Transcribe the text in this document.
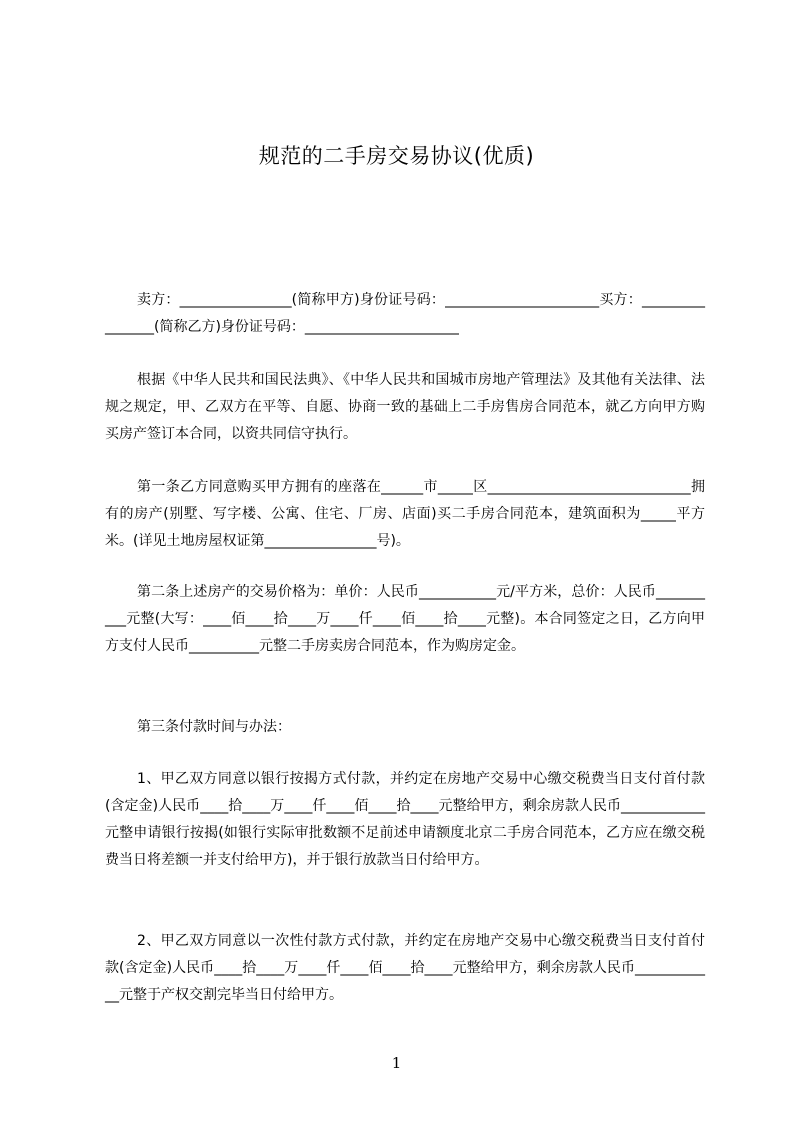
规范的二手房交易协议(优质)
卖方：________________(简称甲方)身份证号码：______________________买方：________________(简称乙方)身份证号码：______________________
根据《中华人民共和国民法典》、《中华人民共和国城市房地产管理法》及其他有关法律、法规之规定，甲、乙双方在平等、自愿、协商一致的基础上二手房售房合同范本，就乙方向甲方购买房产签订本合同，以资共同信守执行。
第一条乙方同意购买甲方拥有的座落在______市_____区_____________________________拥有的房产(别墅、写字楼、公寓、住宅、厂房、店面)买二手房合同范本，建筑面积为_____平方米。(详见土地房屋权证第________________号)。
第二条上述房产的交易价格为：单价：人民币___________元/平方米，总价：人民币__________元整(大写：____佰____拾____万____仟____佰____拾____元整)。本合同签定之日，乙方向甲方支付人民币__________元整二手房卖房合同范本，作为购房定金。
第三条付款时间与办法：
1、甲乙双方同意以银行按揭方式付款，并约定在房地产交易中心缴交税费当日支付首付款(含定金)人民币____拾____万____仟____佰____拾____元整给甲方，剩余房款人民币____________元整申请银行按揭(如银行实际审批数额不足前述申请额度北京二手房合同范本，乙方应在缴交税费当日将差额一并支付给甲方)，并于银行放款当日付给甲方。
2、甲乙双方同意以一次性付款方式付款，并约定在房地产交易中心缴交税费当日支付首付款(含定金)人民币____拾____万____仟____佰____拾____元整给甲方，剩余房款人民币____________元整于产权交割完毕当日付给甲方。
1
